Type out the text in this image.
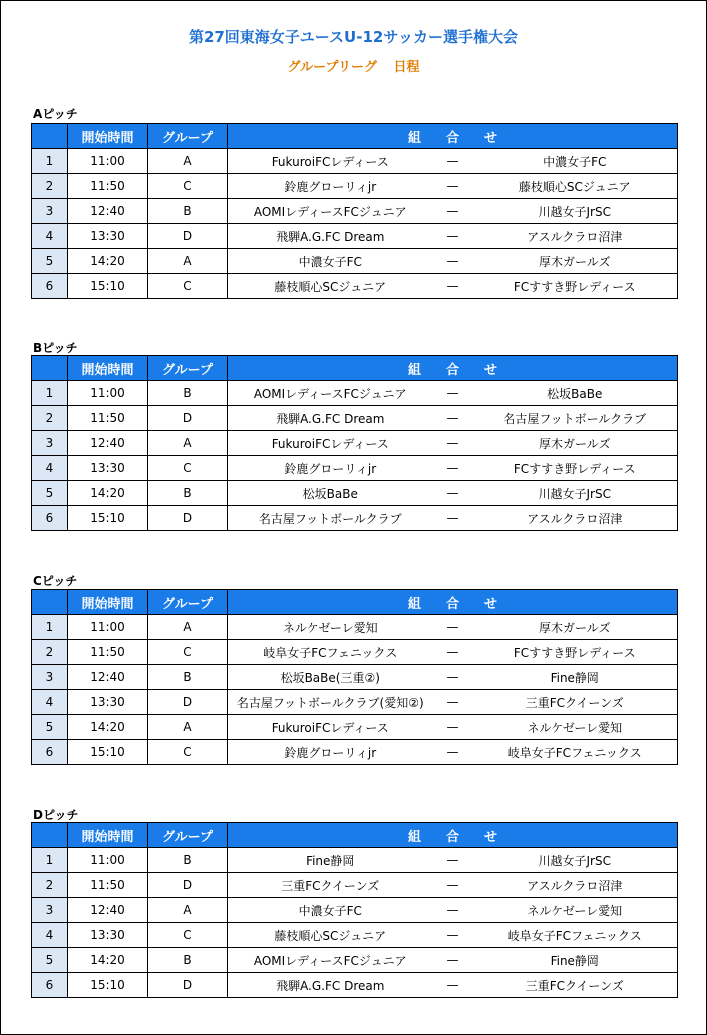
第27回東海女子ユースU-12サッカー選手権大会
グループリーグ 日程
Aピッチ
	開始時間	グループ	組 合 せ		
1	11:00	A	FukuroiFCレディース	—	中濃女子FC
2	11:50	C	鈴鹿グローリィjr	—	藤枝順心SCジュニア
3	12:40	B	AOMIレディースFCジュニア	—	川越女子JrSC
4	13:30	D	飛騨A.G.FC Dream	—	アスルクラロ沼津
5	14:20	A	中濃女子FC	—	厚木ガールズ
6	15:10	C	藤枝順心SCジュニア	—	FCすすき野レディース
Bピッチ
	開始時間	グループ	組 合 せ		
1	11:00	B	AOMIレディースFCジュニア	—	松坂BaBe
2	11:50	D	飛騨A.G.FC Dream	—	名古屋フットボールクラブ
3	12:40	A	FukuroiFCレディース	—	厚木ガールズ
4	13:30	C	鈴鹿グローリィjr	—	FCすすき野レディース
5	14:20	B	松坂BaBe	—	川越女子JrSC
6	15:10	D	名古屋フットボールクラブ	—	アスルクラロ沼津
Cピッチ
	開始時間	グループ	組 合 せ		
1	11:00	A	ネルケゼーレ愛知	—	厚木ガールズ
2	11:50	C	岐阜女子FCフェニックス	—	FCすすき野レディース
3	12:40	B	松坂BaBe(三重②)	—	Fine静岡
4	13:30	D	名古屋フットボールクラブ(愛知②)	—	三重FCクイーンズ
5	14:20	A	FukuroiFCレディース	—	ネルケゼーレ愛知
6	15:10	C	鈴鹿グローリィjr	—	岐阜女子FCフェニックス
Dピッチ
	開始時間	グループ	組 合 せ		
1	11:00	B	Fine静岡	—	川越女子JrSC
2	11:50	D	三重FCクイーンズ	—	アスルクラロ沼津
3	12:40	A	中濃女子FC	—	ネルケゼーレ愛知
4	13:30	C	藤枝順心SCジュニア	—	岐阜女子FCフェニックス
5	14:20	B	AOMIレディースFCジュニア	—	Fine静岡
6	15:10	D	飛騨A.G.FC Dream	—	三重FCクイーンズ
